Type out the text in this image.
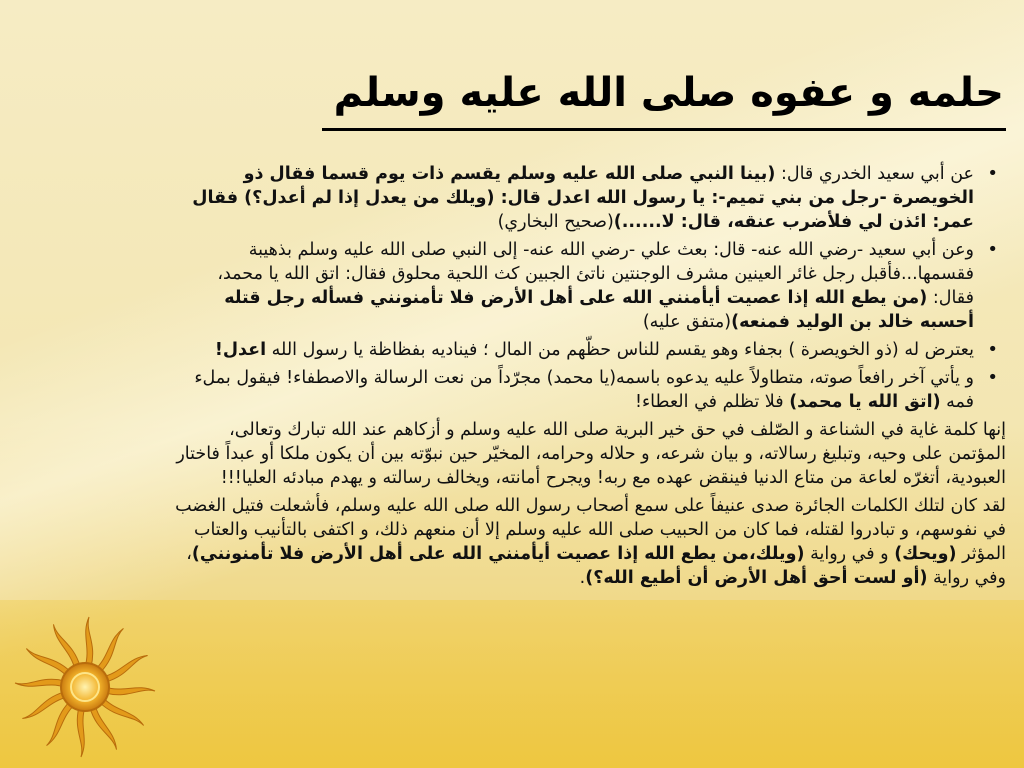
حلمه و عفوه صلى الله عليه وسلم
•
عن أبي سعيد الخدري قال: (بينا النبي صلى الله عليه وسلم يقسم ذات يوم قسما فقال ذو الخويصرة -رجل من بني تميم-: يا رسول الله اعدل قال: (ويلك من يعدل إذا لم أعدل؟) فقال عمر: ائذن لي فلأضرب عنقه، قال: لا......)(صحيح البخاري)
•
وعن أبي سعيد -رضي الله عنه- قال: بعث علي -رضي الله عنه- إلى النبي صلى الله عليه وسلم بذهيبة فقسمها...فأقبل رجل غائر العينين مشرف الوجنتين ناتئ الجبين كث اللحية محلوق فقال: اتق الله يا محمد، فقال: (من يطع الله إذا عصيت أيأمنني الله على أهل الأرض فلا تأمنونني فسأله رجل قتله أحسبه خالد بن الوليد فمنعه)(متفق عليه)
•
يعترض له (ذو الخويصرة ) بجفاء وهو يقسم للناس حظّهم من المال ؛ فيناديه بفظاظة يا رسول الله اعدل!
•
و يأتي آخر رافعاً صوته، متطاولاً عليه يدعوه باسمه(يا محمد) مجرّداً من نعت الرسالة والاصطفاء! فيقول بملء فمه (اتق الله يا محمد) فلا تظلم في العطاء!
إنها كلمة غاية في الشناعة و الصّلف في حق خير البرية صلى الله عليه وسلم و أزكاهم عند الله تبارك وتعالى، المؤتمن على وحيه، وتبليغ رسالاته، و بيان شرعه، و حلاله وحرامه، المخيّر حين نبوّته بين أن يكون ملكا أو عبداً فاختار العبودية، أتغرّه لعاعة من متاع الدنيا فينقض عهده مع ربه! ويجرح أمانته، ويخالف رسالته و يهدم مبادئه العليا!!!
لقد كان لتلك الكلمات الجائرة صدى عنيفاً على سمع أصحاب رسول الله صلى الله عليه وسلم، فأشعلت فتيل الغضب في نفوسهم، و تبادروا لقتله، فما كان من الحبيب صلى الله عليه وسلم إلا أن منعهم ذلك، و اكتفى بالتأنيب والعتاب المؤثر (ويحك) و في رواية (ويلك،من يطع الله إذا عصيت أيأمنني الله على أهل الأرض فلا تأمنونني)، وفي رواية (أو لست أحق أهل الأرض أن أطيع الله؟).
